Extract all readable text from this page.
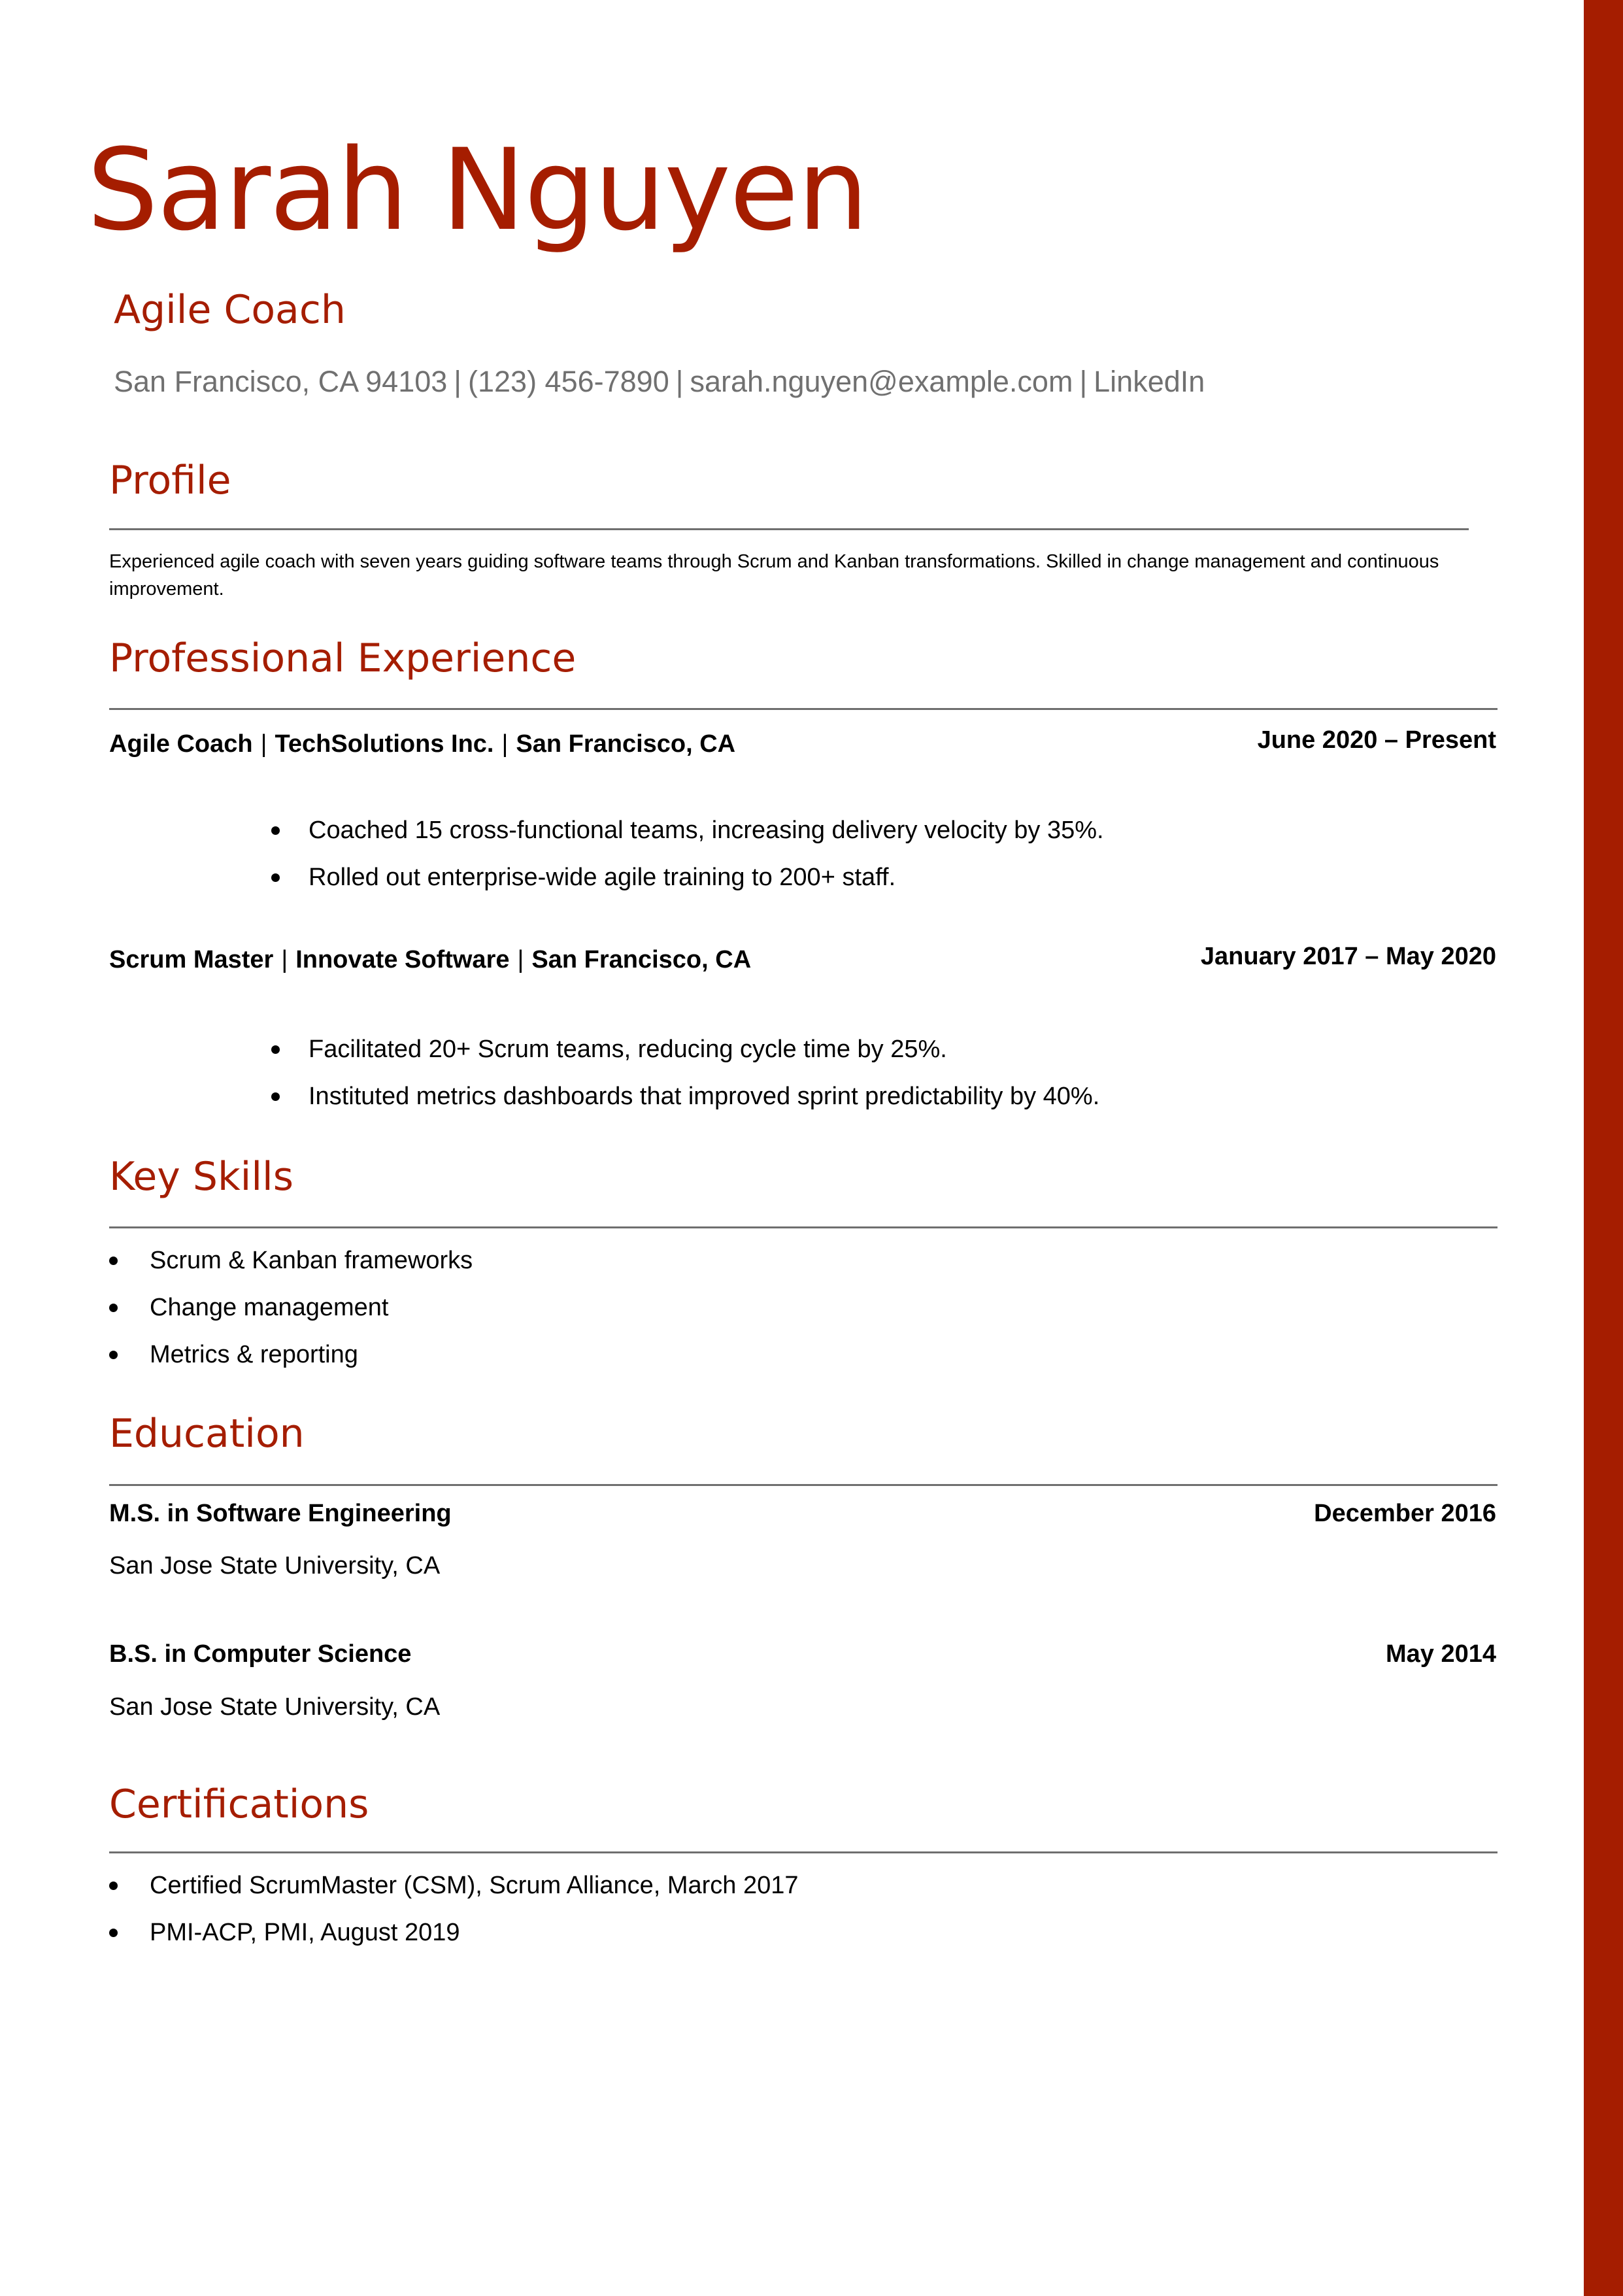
Sarah Nguyen
Agile Coach
San Francisco, CA 94103 | (123) 456-7890 | sarah.nguyen@example.com | LinkedIn
Profile
Experienced agile coach with seven years guiding software teams through Scrum and Kanban transformations. Skilled in change management and continuous improvement.
Professional Experience
Agile Coach | TechSolutions Inc. | San Francisco, CA	June 2020 – Present
Coached 15 cross-functional teams, increasing delivery velocity by 35%.
Rolled out enterprise-wide agile training to 200+ staff.
Scrum Master | Innovate Software | San Francisco, CA	January 2017 – May 2020
Facilitated 20+ Scrum teams, reducing cycle time by 25%.
Instituted metrics dashboards that improved sprint predictability by 40%.
Key Skills
Scrum & Kanban frameworks
Change management
Metrics & reporting
Education
M.S. in Software Engineering	December 2016
San Jose State University, CA
B.S. in Computer Science	May 2014
San Jose State University, CA
Certifications
Certified ScrumMaster (CSM), Scrum Alliance, March 2017
PMI-ACP, PMI, August 2019
